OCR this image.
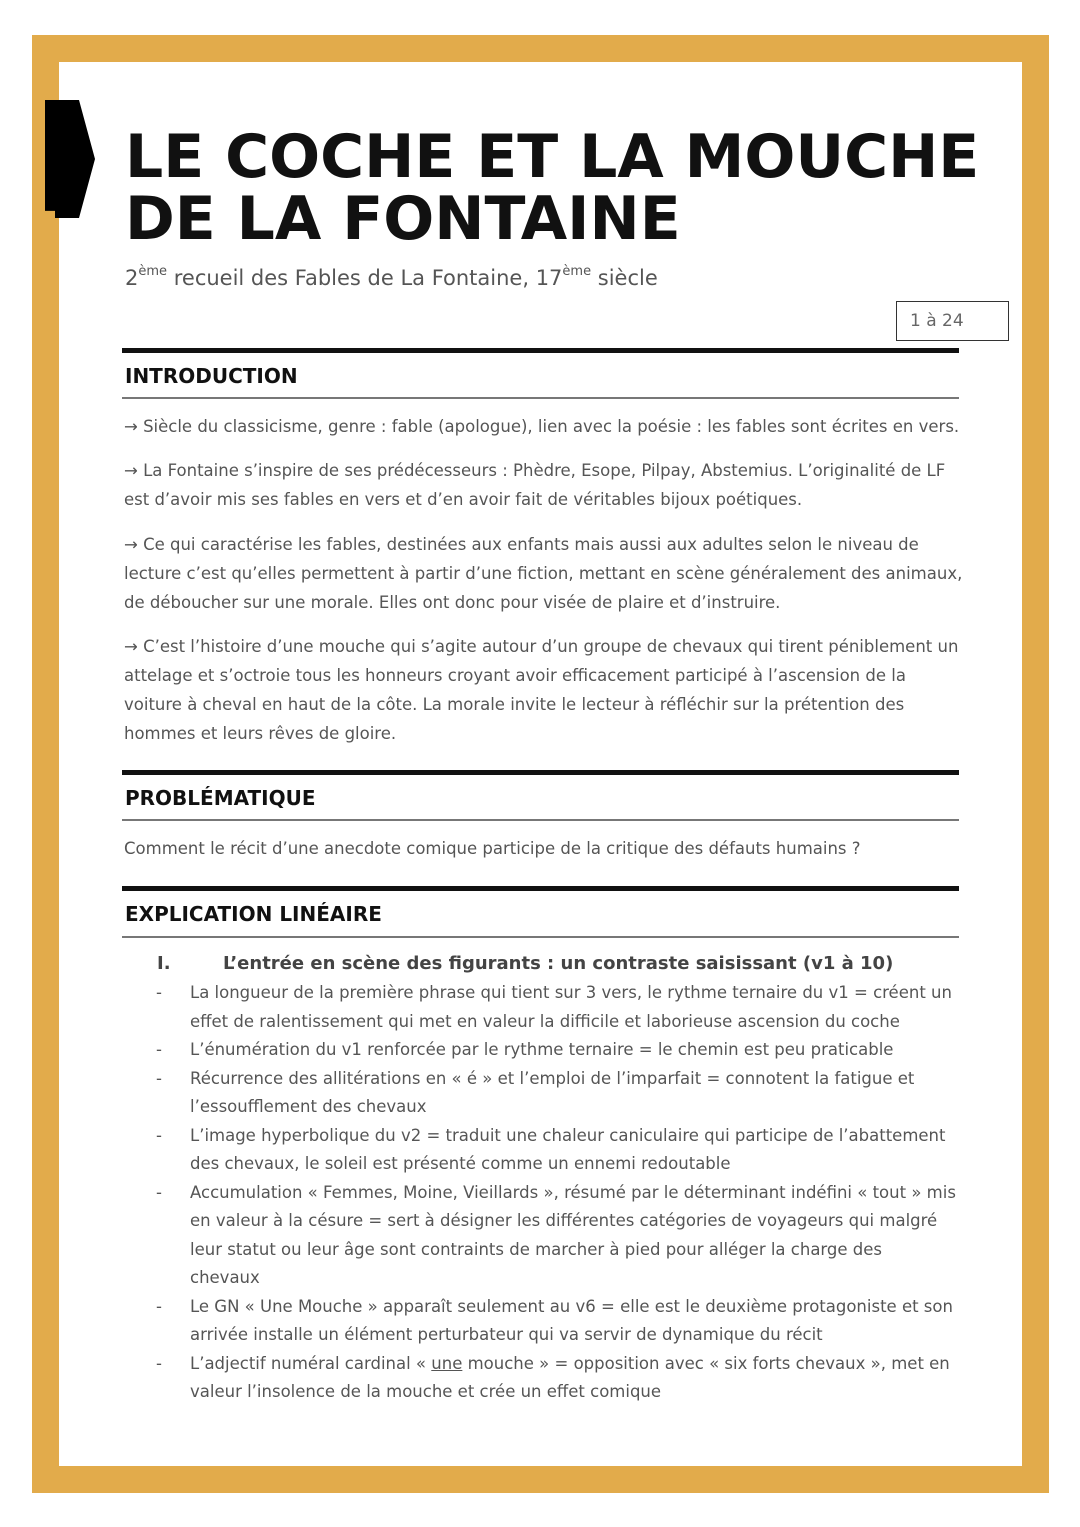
LE COCHE ET LA MOUCHE
DE LA FONTAINE
2ème recueil des Fables de La Fontaine, 17ème siècle
1 à 24
INTRODUCTION

→ Siècle du classicisme, genre : fable (apologue), lien avec la poésie : les fables sont écrites en vers.

→ La Fontaine s’inspire de ses prédécesseurs : Phèdre, Esope, Pilpay, Abstemius. L’originalité de LF est d’avoir mis ses fables en vers et d’en avoir fait de véritables bijoux poétiques.

→ Ce qui caractérise les fables, destinées aux enfants mais aussi aux adultes selon le niveau de lecture c’est qu’elles permettent à partir d’une fiction, mettant en scène généralement des animaux, de déboucher sur une morale. Elles ont donc pour visée de plaire et d’instruire.

→ C’est l’histoire d’une mouche qui s’agite autour d’un groupe de chevaux qui tirent péniblement un attelage et s’octroie tous les honneurs croyant avoir efficacement participé à l’ascension de la voiture à cheval en haut de la côte. La morale invite le lecteur à réfléchir sur la prétention des hommes et leurs rêves de gloire.

PROBLÉMATIQUE

Comment le récit d’une anecdote comique participe de la critique des défauts humains ?

EXPLICATION LINÉAIRE
I.	L’entrée en scène des figurants : un contraste saisissant (v1 à 10)
- La longueur de la première phrase qui tient sur 3 vers, le rythme ternaire du v1 = créent un effet de ralentissement qui met en valeur la difficile et laborieuse ascension du coche
- L’énumération du v1 renforcée par le rythme ternaire = le chemin est peu praticable
- Récurrence des allitérations en « é » et l’emploi de l’imparfait = connotent la fatigue et l’essoufflement des chevaux
- L’image hyperbolique du v2 = traduit une chaleur caniculaire qui participe de l’abattement des chevaux, le soleil est présenté comme un ennemi redoutable
- Accumulation « Femmes, Moine, Vieillards », résumé par le déterminant indéfini « tout » mis en valeur à la césure = sert à désigner les différentes catégories de voyageurs qui malgré leur statut ou leur âge sont contraints de marcher à pied pour alléger la charge des chevaux
- Le GN « Une Mouche » apparaît seulement au v6 = elle est le deuxième protagoniste et son arrivée installe un élément perturbateur qui va servir de dynamique du récit
- L’adjectif numéral cardinal « une mouche » = opposition avec « six forts chevaux », met en valeur l’insolence de la mouche et crée un effet comique
